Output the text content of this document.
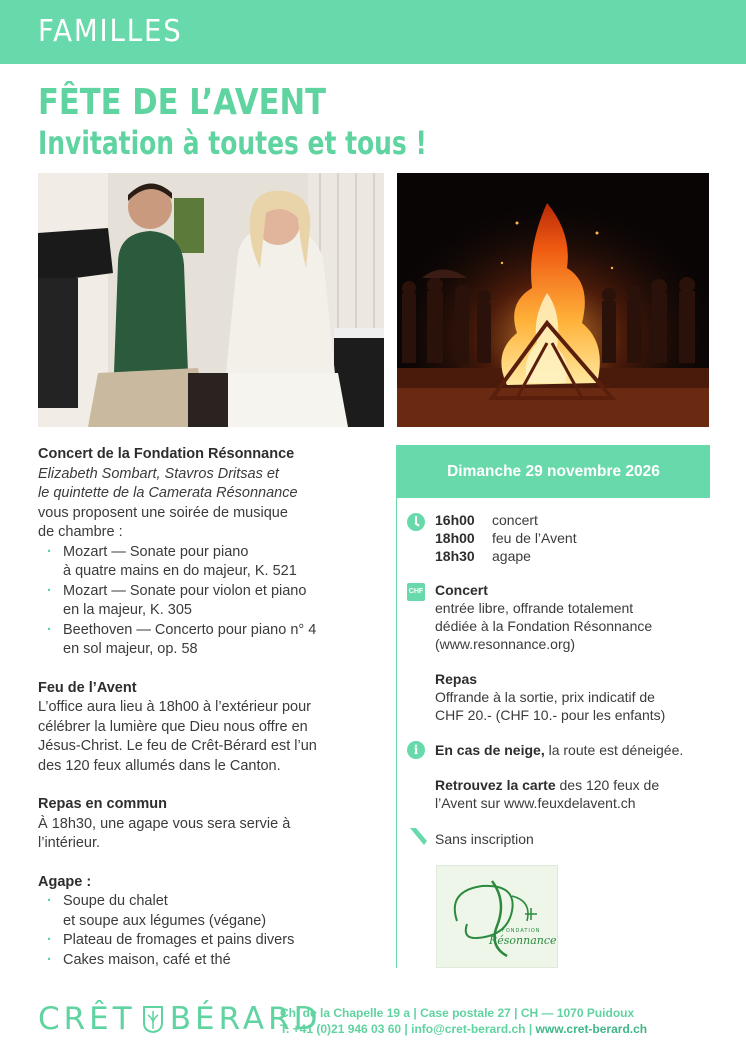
FAMILLES
FÊTE DE L’AVENT
Invitation à toutes et tous !
Concert de la Fondation Résonnance

Elizabeth Sombart, Stavros Dritsas et

le quintette de la Camerata Résonnance

vous proposent une soirée de musique

de chambre :

· Mozart — Sonate pour piano
à quatre mains en do majeur, K. 521
· Mozart — Sonate pour violon et piano
en la majeur, K. 305
· Beethoven — Concerto pour piano n° 4
en sol majeur, op. 58
Feu de l’Avent

L’office aura lieu à 18h00 à l’extérieur pour

célébrer la lumière que Dieu nous offre en

Jésus-Christ. Le feu de Crêt-Bérard est l’un

des 120 feux allumés dans le Canton.

Repas en commun

À 18h30, une agape vous sera servie à

l’intérieur.

Agape :
· Soupe du chalet
et soupe aux légumes (végane)
· Plateau de fromages et pains divers
· Cakes maison, café et thé
Dimanche 29 novembre 2026
16h00	concert
18h00	feu de l’Avent
18h30	agape
CHF Concert

entrée libre, offrande totalement

dédiée à la Fondation Résonnance

(www.resonnance.org)

Repas

Offrande à la sortie, prix indicatif de

CHF 20.- (CHF 10.- pour les enfants)

i	En cas de neige, la route est déneigée.
Retrouvez la carte des 120 feux de

l’Avent sur www.feuxdelavent.ch

Sans inscription
Résonnance
FONDATION
CRÊT BÉRARD
Ch. de la Chapelle 19 a | Case postale 27 | CH — 1070 Puidoux
T. +41 (0)21 946 03 60 | info@cret-berard.ch | www.cret-berard.ch
